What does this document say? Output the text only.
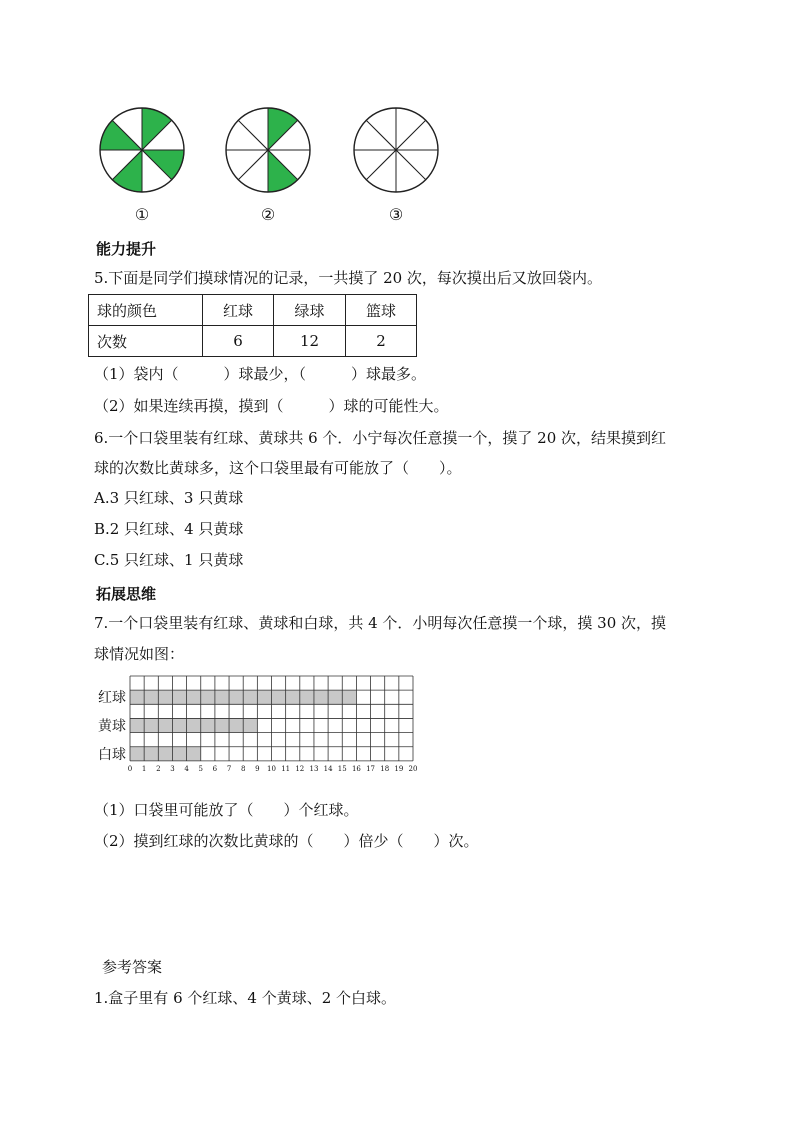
①	②	③
能力提升
5.下面是同学们摸球情况的记录，一共摸了 20 次，每次摸出后又放回袋内。
球的颜色	红球	绿球	篮球
次数	6	12	2
（1）袋内（　　　）球最少，（　　　）球最多。
（2）如果连续再摸，摸到（　　　）球的可能性大。
6.一个口袋里装有红球、黄球共 6 个．小宁每次任意摸一个，摸了 20 次，结果摸到红
球的次数比黄球多，这个口袋里最有可能放了（　　）。
A.3 只红球、3 只黄球
B.2 只红球、4 只黄球
C.5 只红球、1 只黄球
拓展思维
7.一个口袋里装有红球、黄球和白球，共 4 个．小明每次任意摸一个球，摸 30 次，摸
球情况如图：
红球
黄球
白球
0 1 2 3 4 5 6 7 8 9 10 11 12 13 14 15 16 17 18 19 20
（1）口袋里可能放了（　　）个红球。
（2）摸到红球的次数比黄球的（　　）倍少（　　）次。
参考答案
1.盒子里有 6 个红球、4 个黄球、2 个白球。
